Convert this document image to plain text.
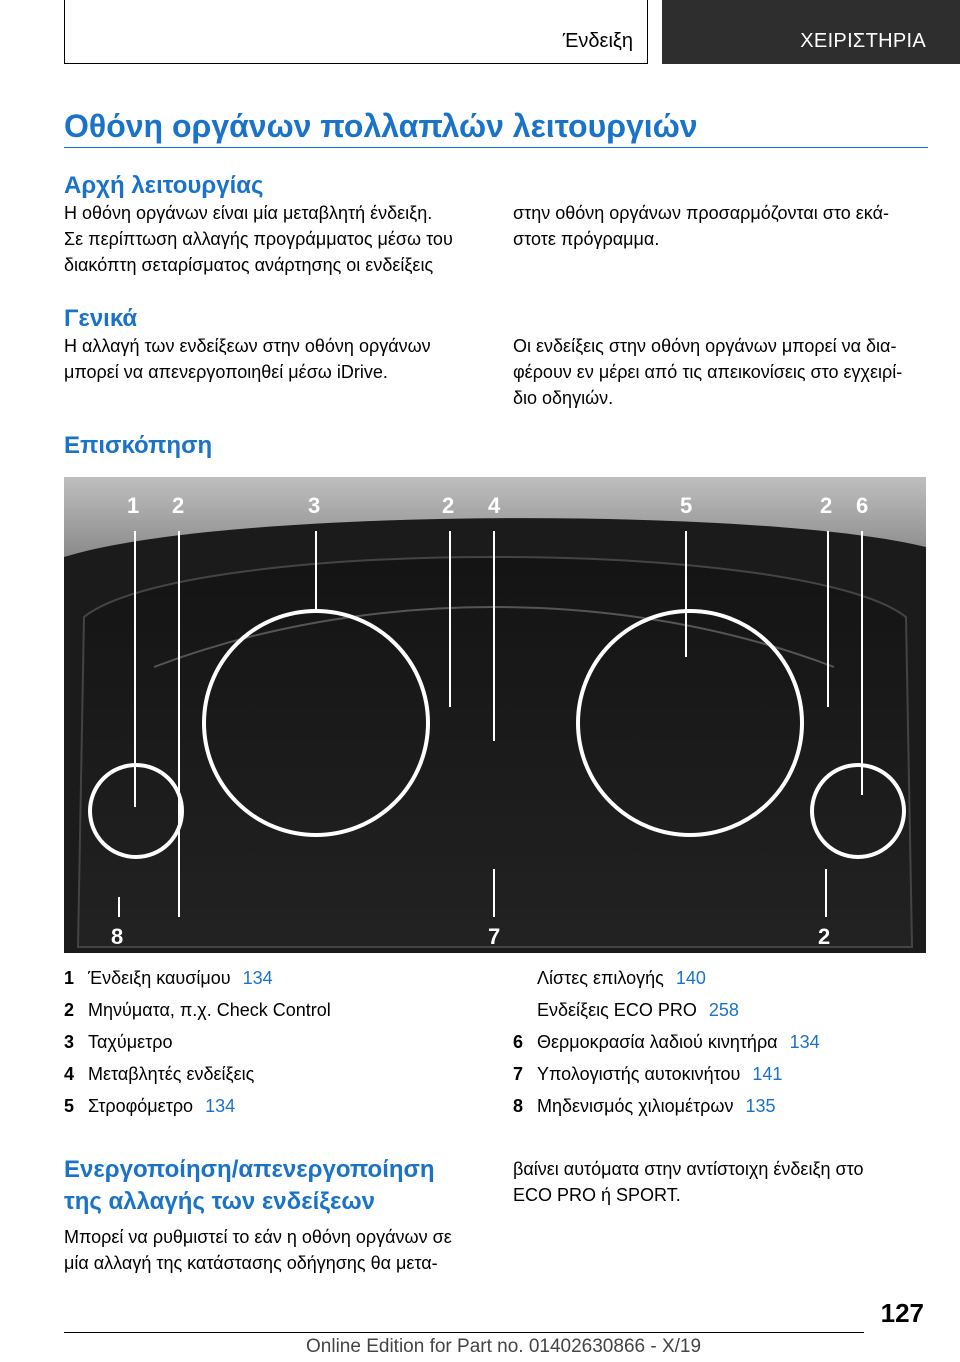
Ένδειξη	ΧΕΙΡΙΣΤΗΡΙΑ
Οθόνη οργάνων πολλαπλών λειτουργιών
Αρχή λειτουργίας
Η οθόνη οργάνων είναι μία μεταβλητή ένδειξη.
Σε περίπτωση αλλαγής προγράμματος μέσω του
διακόπτη σεταρίσματος ανάρτησης οι ενδείξεις
στην οθόνη οργάνων προσαρμόζονται στο εκά-
στοτε πρόγραμμα.
Γενικά
Η αλλαγή των ενδείξεων στην οθόνη οργάνων
μπορεί να απενεργοποιηθεί μέσω iDrive.
Οι ενδείξεις στην οθόνη οργάνων μπορεί να δια-
φέρουν εν μέρει από τις απεικονίσεις στο εγχειρί-
διο οδηγιών.
Επισκόπηση
1 2	3	2 4	5	2 6
8	7	2
1 Ένδειξη καυσίμου 134
2 Μηνύματα, π.χ. Check Control
3 Ταχύμετρο
4 Μεταβλητές ενδείξεις
5 Στροφόμετρο 134
Λίστες επιλογής 140
Ενδείξεις ECO PRO 258
6 Θερμοκρασία λαδιού κινητήρα 134
7 Υπολογιστής αυτοκινήτου 141
8 Μηδενισμός χιλιομέτρων 135
Ενεργοποίηση/απενεργοποίηση
της αλλαγής των ενδείξεων
Μπορεί να ρυθμιστεί το εάν η οθόνη οργάνων σε
μία αλλαγή της κατάστασης οδήγησης θα μετα-
βαίνει αυτόματα στην αντίστοιχη ένδειξη στο
ECO PRO ή SPORT.
127
Online Edition for Part no. 01402630866 - X/19
